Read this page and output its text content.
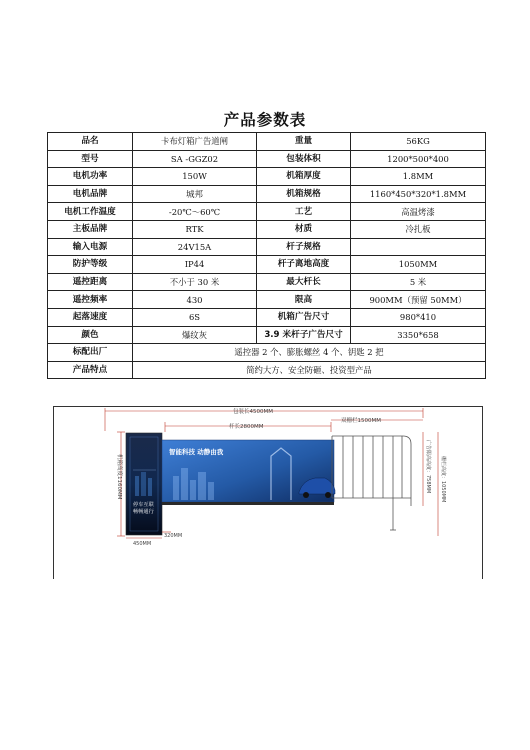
产品参数表
品名	卡布灯箱广告道闸	重量	56KG
型号	SA -GGZ02	包装体积	1200*500*400
电机功率	150W	机箱厚度	1.8MM
电机品牌	城邦	机箱规格	1160*450*320*1.8MM
电机工作温度	-20℃～60℃	工艺	高温烤漆
主板品牌	RTK	材质	冷扎板
输入电源	24V15A	杆子规格	
防护等级	IP44	杆子离地高度	1050MM
遥控距离	不小于 30 米	最大杆长	5 米
遥控频率	430	限高	900MM（预留 50MM）
起落速度	6S	机箱广告尺寸	980*410
颜色	爆纹灰	3.9 米杆子广告尺寸	3350*658
标配出厂	遥控器 2 个、膨胀螺丝 4 个、钥匙 2 把		
产品特点	简约大方、安全防砸、投资型产品		
包装长4500MM
杆长2800MM
双栅栏1500MM
机箱高度1160MM
停车互联
畅畅通行
450MM
320MM
智能科技 动静由我	广告限高高度：758MM 栅栏高度：1050MM
